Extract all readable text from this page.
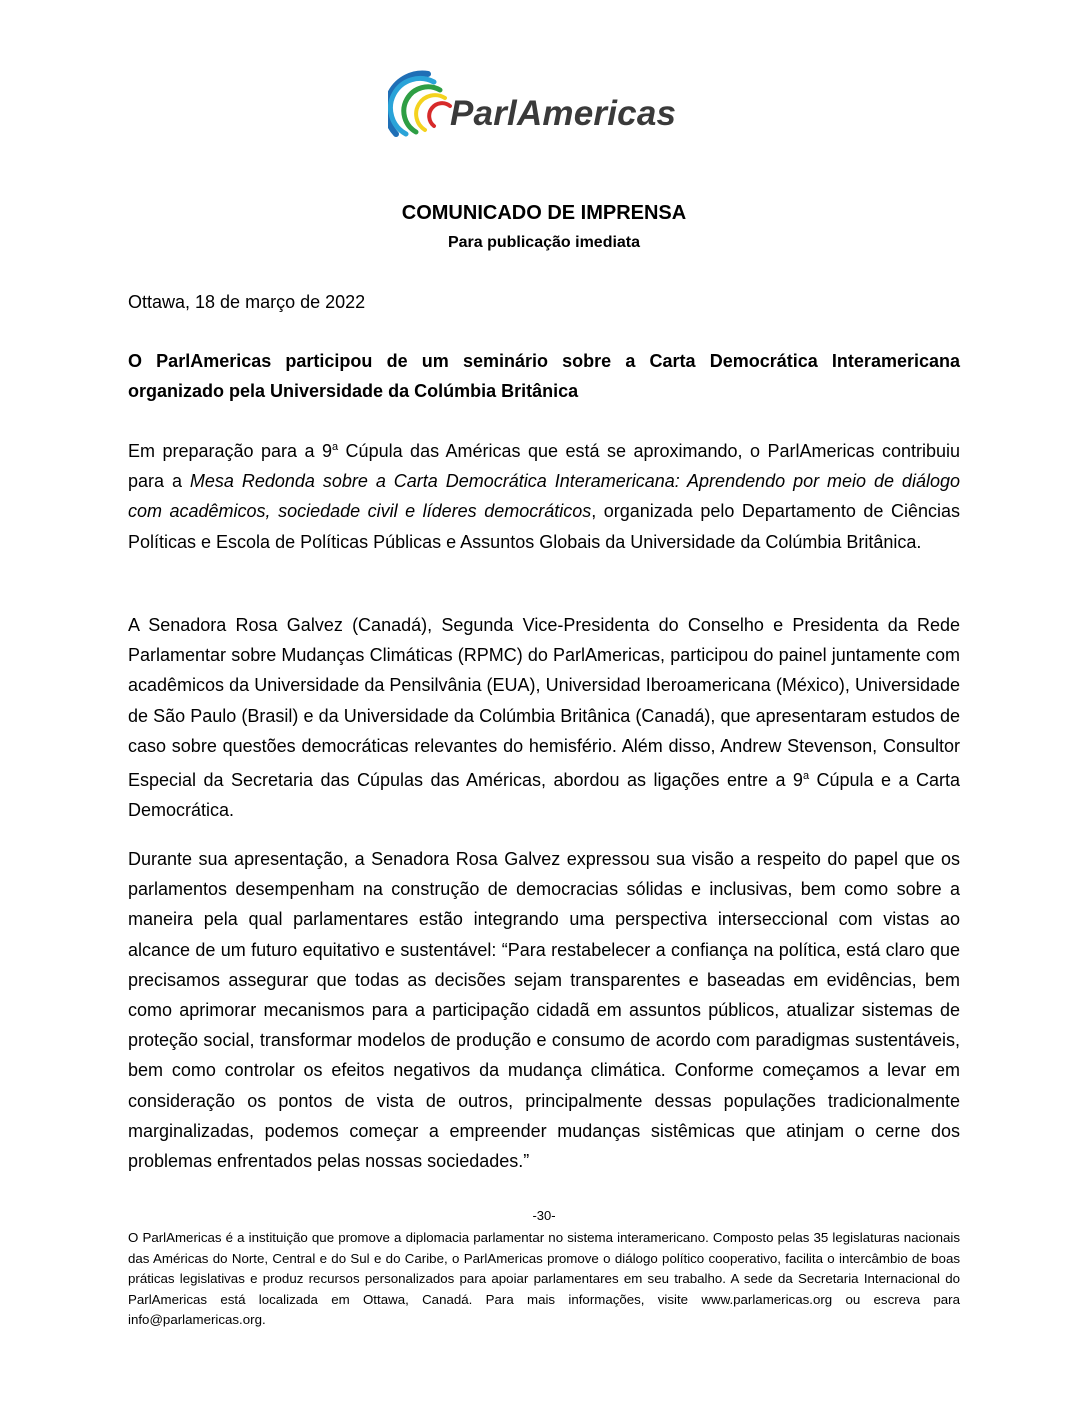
ParlAmericas
COMUNICADO DE IMPRENSA
Para publicação imediata
Ottawa, 18 de março de 2022

O ParlAmericas participou de um seminário sobre a Carta Democrática Interamericana organizado pela Universidade da Colúmbia Britânica

Em preparação para a 9$^a$ Cúpula das Américas que está se aproximando, o ParlAmericas contribuiu para a Mesa Redonda sobre a Carta Democrática Interamericana: Aprendendo por meio de diálogo com acadêmicos, sociedade civil e líderes democráticos, organizada pelo Departamento de Ciências Políticas e Escola de Políticas Públicas e Assuntos Globais da Universidade da Colúmbia Britânica.

A Senadora Rosa Galvez (Canadá), Segunda Vice-Presidenta do Conselho e Presidenta da Rede Parlamentar sobre Mudanças Climáticas (RPMC) do ParlAmericas, participou do painel juntamente com acadêmicos da Universidade da Pensilvânia (EUA), Universidad Iberoamericana (México), Universidade de São Paulo (Brasil) e da Universidade da Colúmbia Britânica (Canadá), que apresentaram estudos de caso sobre questões democráticas relevantes do hemisfério. Além disso, Andrew Stevenson, Consultor Especial da Secretaria das Cúpulas das Américas, abordou as ligações entre a 9$^a$ Cúpula e a Carta Democrática.

Durante sua apresentação, a Senadora Rosa Galvez expressou sua visão a respeito do papel que os parlamentos desempenham na construção de democracias sólidas e inclusivas, bem como sobre a maneira pela qual parlamentares estão integrando uma perspectiva interseccional com vistas ao alcance de um futuro equitativo e sustentável: “Para restabelecer a confiança na política, está claro que precisamos assegurar que todas as decisões sejam transparentes e baseadas em evidências, bem como aprimorar mecanismos para a participação cidadã em assuntos públicos, atualizar sistemas de proteção social, transformar modelos de produção e consumo de acordo com paradigmas sustentáveis, bem como controlar os efeitos negativos da mudança climática. Conforme começamos a levar em consideração os pontos de vista de outros, principalmente dessas populações tradicionalmente marginalizadas, podemos começar a empreender mudanças sistêmicas que atinjam o cerne dos problemas enfrentados pelas nossas sociedades.”

-30-
O ParlAmericas é a instituição que promove a diplomacia parlamentar no sistema interamericano. Composto pelas 35 legislaturas nacionais das Américas do Norte, Central e do Sul e do Caribe, o ParlAmericas promove o diálogo político cooperativo, facilita o intercâmbio de boas práticas legislativas e produz recursos personalizados para apoiar parlamentares em seu trabalho. A sede da Secretaria Internacional do ParlAmericas está localizada em Ottawa, Canadá. Para mais informações, visite www.parlamericas.org ou escreva para info@parlamericas.org.
